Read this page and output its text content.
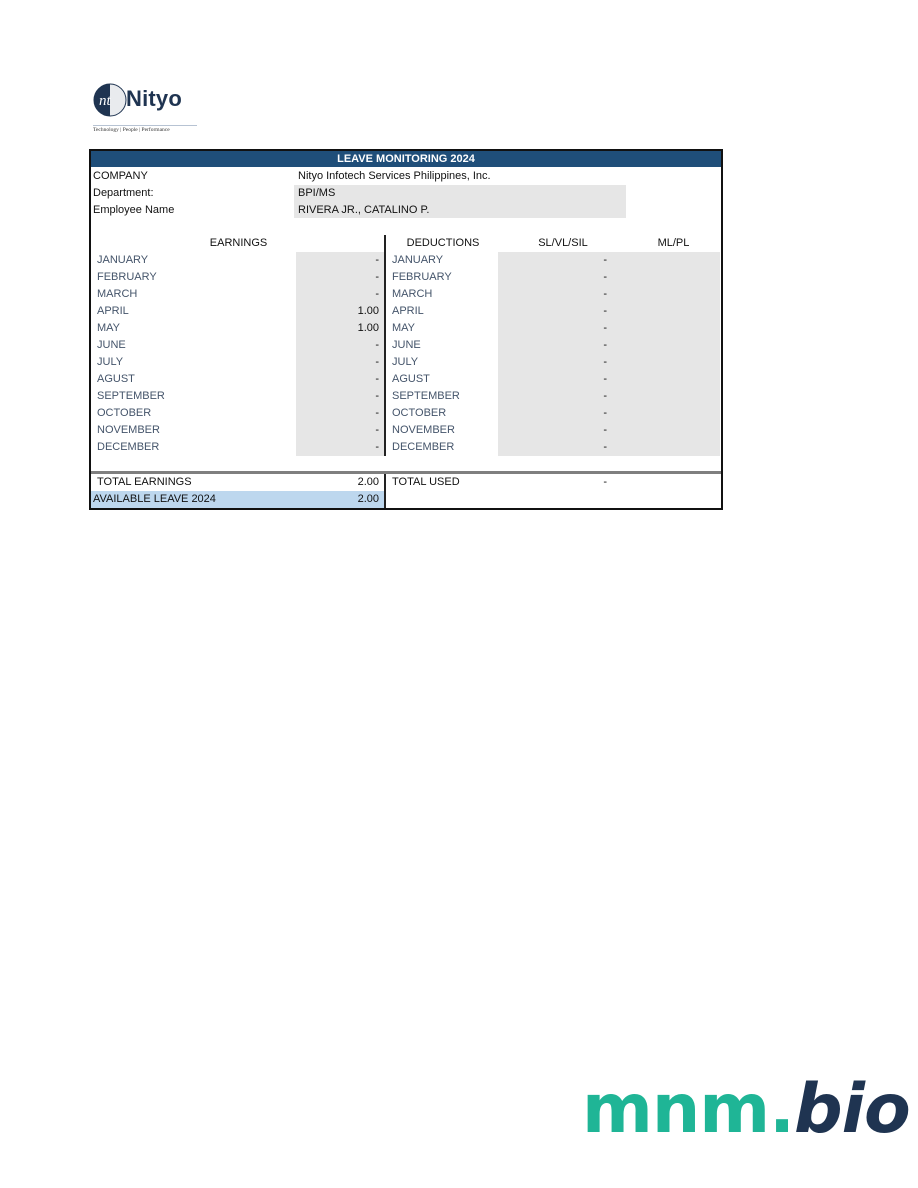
nt Nityo
Technology | People | Performance
LEAVE MONITORING 2024
COMPANY	Nityo Infotech Services Philippines, Inc.
Department:	BPI/MS
Employee Name	RIVERA JR., CATALINO P.
EARNINGS	DEDUCTIONS	SL/VL/SIL	ML/PL
JANUARY	- JANUARY	-
FEBRUARY	- FEBRUARY	-
MARCH	- MARCH	-
APRIL	1.00 APRIL	-
MAY	1.00 MAY	-
JUNE	- JUNE	-
JULY	- JULY	-
AGUST	- AGUST	-
SEPTEMBER	- SEPTEMBER	-
OCTOBER	- OCTOBER	-
NOVEMBER	- NOVEMBER	-
DECEMBER	- DECEMBER	-
TOTAL EARNINGS	2.00 TOTAL USED	-
AVAILABLE LEAVE 2024	2.00
mnm.bio
